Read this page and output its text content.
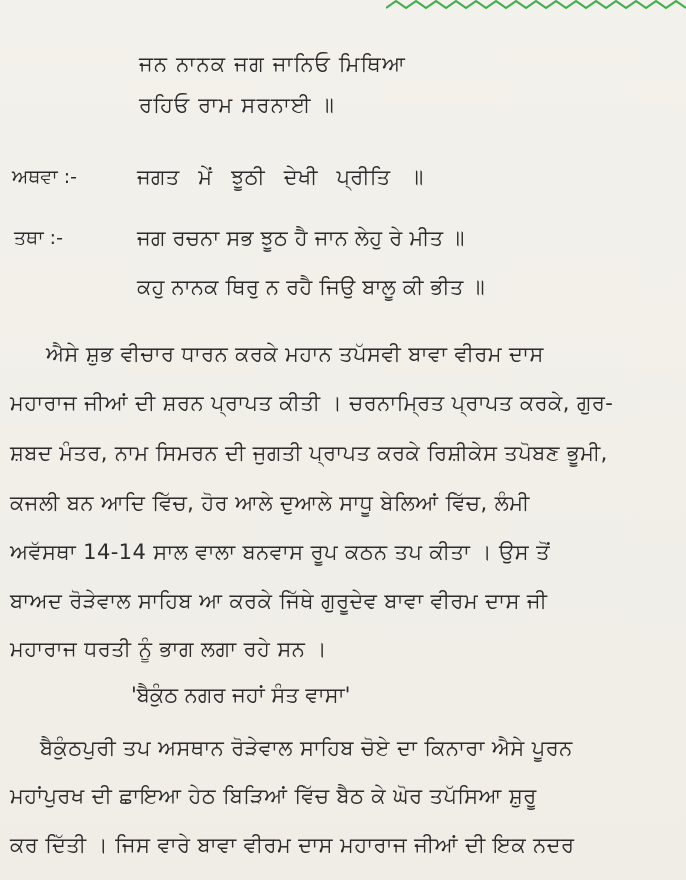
ਜਨ ਨਾਨਕ ਜਗ ਜਾਨਿਓ ਮਿਥਿਆ
ਰਹਿਓ ਰਾਮ ਸਰਨਾਈ ॥
ਅਥਵਾ :-	ਜਗਤ ਮੇਂ ਝੂਠੀ ਦੇਖੀ ਪ੍ਰੀਤਿ ॥
ਤਥਾ :-	ਜਗ ਰਚਨਾ ਸਭ ਝੂਠ ਹੈ ਜਾਨ ਲੇਹੁ ਰੇ ਮੀਤ ॥
ਕਹੁ ਨਾਨਕ ਥਿਰੁ ਨ ਰਹੈ ਜਿਉ ਬਾਲੂ ਕੀ ਭੀਤ ॥
ਐਸੇ ਸ਼ੁਭ ਵੀਚਾਰ ਧਾਰਨ ਕਰਕੇ ਮਹਾਨ ਤਪੱਸਵੀ ਬਾਵਾ ਵੀਰਮ ਦਾਸ
ਮਹਾਰਾਜ ਜੀਆਂ ਦੀ ਸ਼ਰਨ ਪ੍ਰਾਪਤ ਕੀਤੀ । ਚਰਨਾਮ੍ਰਿਤ ਪ੍ਰਾਪਤ ਕਰਕੇ, ਗੁਰ-
ਸ਼ਬਦ ਮੰਤਰ, ਨਾਮ ਸਿਮਰਨ ਦੀ ਜੁਗਤੀ ਪ੍ਰਾਪਤ ਕਰਕੇ ਰਿਸ਼ੀਕੇਸ ਤਪੋਬਣ ਭੂਮੀ,
ਕਜਲੀ ਬਨ ਆਦਿ ਵਿੱਚ, ਹੋਰ ਆਲੇ ਦੁਆਲੇ ਸਾਧੂ ਬੇਲਿਆਂ ਵਿੱਚ, ਲੰਮੀ
ਅਵੱਸਥਾ 14-14 ਸਾਲ ਵਾਲਾ ਬਨਵਾਸ ਰੂਪ ਕਠਨ ਤਪ ਕੀਤਾ । ਉਸ ਤੋਂ
ਬਾਅਦ ਰੋੜੇਵਾਲ ਸਾਹਿਬ ਆ ਕਰਕੇ ਜਿੱਥੇ ਗੁਰੂਦੇਵ ਬਾਵਾ ਵੀਰਮ ਦਾਸ ਜੀ
ਮਹਾਰਾਜ ਧਰਤੀ ਨੂੰ ਭਾਗ ਲਗਾ ਰਹੇ ਸਨ ।
'ਬੈਕੁੰਠ ਨਗਰ ਜਹਾਂ ਸੰਤ ਵਾਸਾ'
ਬੈਕੁੰਠਪੁਰੀ ਤਪ ਅਸਥਾਨ ਰੋੜੇਵਾਲ ਸਾਹਿਬ ਚੋਏ ਦਾ ਕਿਨਾਰਾ ਐਸੇ ਪੂਰਨ
ਮਹਾਂਪੁਰਖ ਦੀ ਛਾਇਆ ਹੇਠ ਬਿੜਿਆਂ ਵਿੱਚ ਬੈਠ ਕੇ ਘੋਰ ਤਪੱਸਿਆ ਸ਼ੁਰੂ
ਕਰ ਦਿੱਤੀ । ਜਿਸ ਵਾਰੇ ਬਾਵਾ ਵੀਰਮ ਦਾਸ ਮਹਾਰਾਜ ਜੀਆਂ ਦੀ ਇਕ ਨਦਰ
